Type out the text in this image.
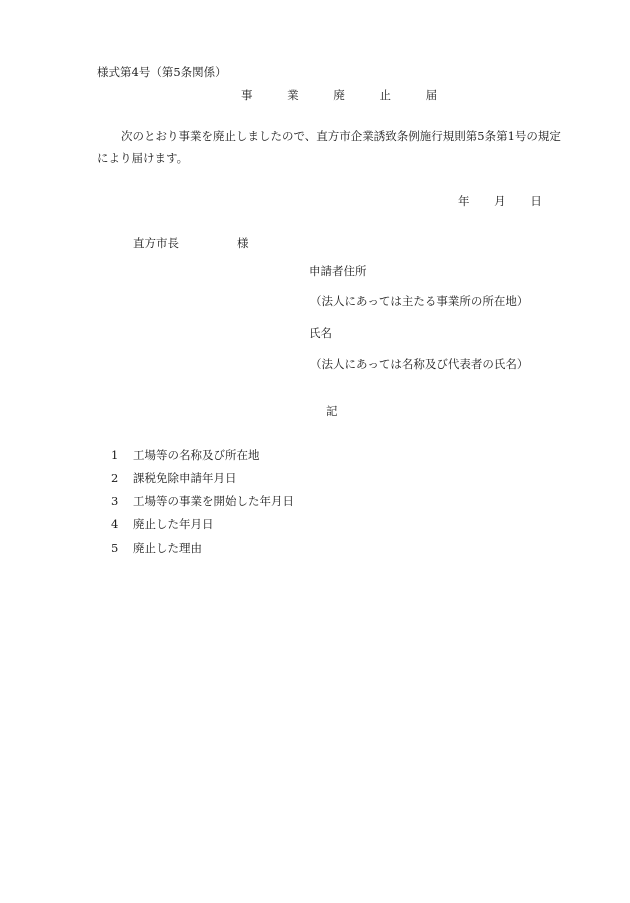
様式第4号（第5条関係）
事	業	廃	止	届
次のとおり事業を廃止しましたので、直方市企業誘致条例施行規則第5条第1号の規定
により届けます。
年 月 日
直方市長	様
申請者住所
（法人にあっては主たる事業所の所在地）
氏名
（法人にあっては名称及び代表者の氏名）
記
1 工場等の名称及び所在地
2 課税免除申請年月日
3 工場等の事業を開始した年月日
4 廃止した年月日
5 廃止した理由
